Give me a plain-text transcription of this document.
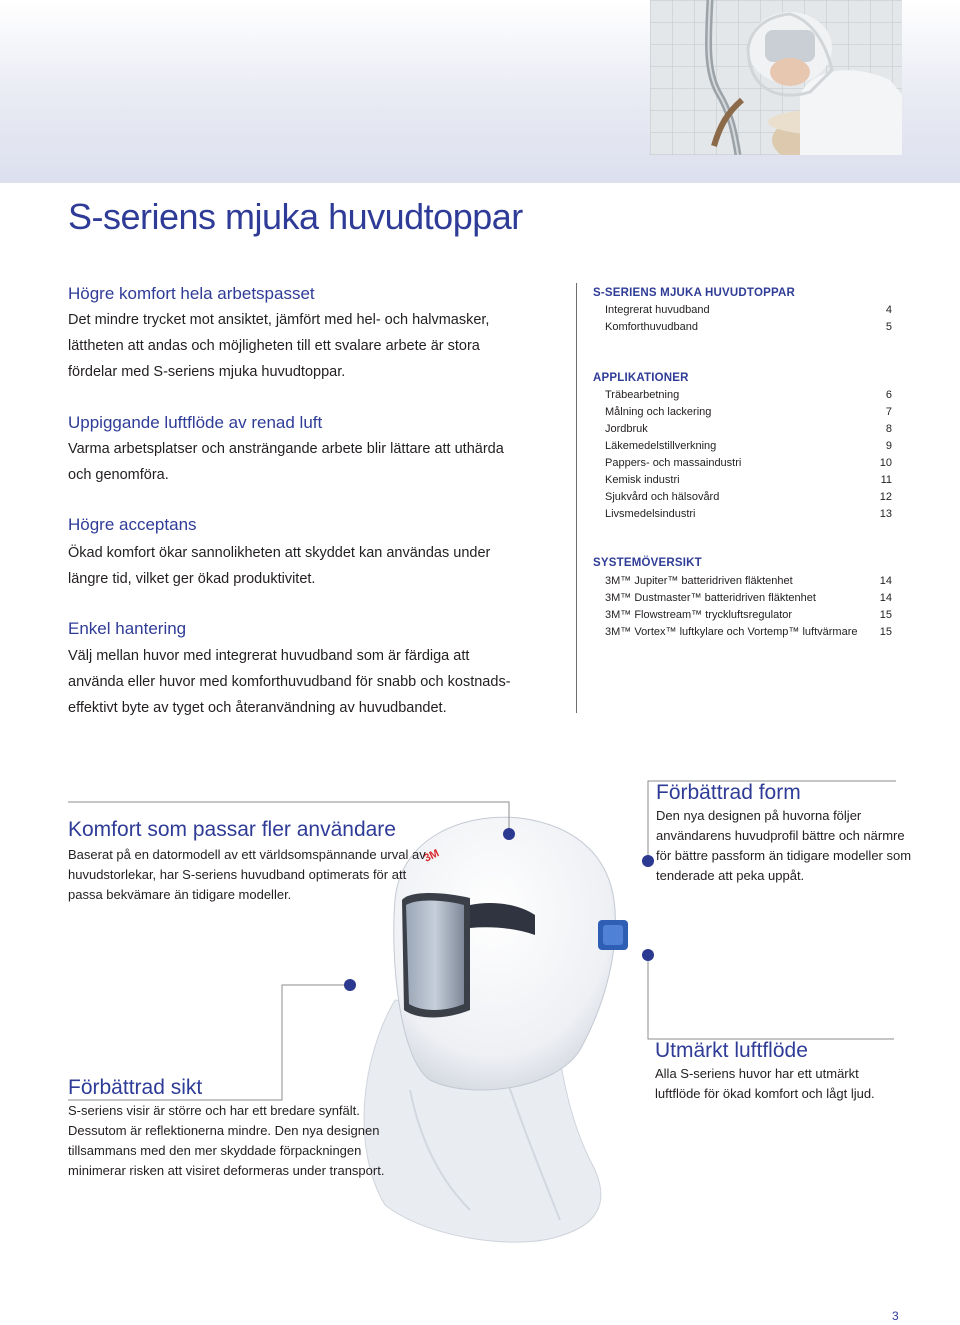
S-seriens mjuka huvudtoppar
Högre komfort hela arbetspasset
Det mindre trycket mot ansiktet, jämfört med hel- och halvmasker,
lättheten att andas och möjligheten till ett svalare arbete är stora
fördelar med S-seriens mjuka huvudtoppar.
Uppiggande luftflöde av renad luft
Varma arbetsplatser och ansträngande arbete blir lättare att uthärda
och genomföra.
Högre acceptans
Ökad komfort ökar sannolikheten att skyddet kan användas under
längre tid, vilket ger ökad produktivitet.
Enkel hantering
Välj mellan huvor med integrerat huvudband som är färdiga att
använda eller huvor med komforthuvudband för snabb och kostnads-
effektivt byte av tyget och återanvändning av huvudbandet.
S-SERIENS MJUKA HUVUDTOPPAR
Integrerat huvudband	4
Komforthuvudband	5
APPLIKATIONER
Träbearbetning	6
Målning och lackering	7
Jordbruk	8
Läkemedelstillverkning	9
Pappers- och massaindustri	10
Kemisk industri	11
Sjukvård och hälsovård	12
Livsmedelsindustri	13
SYSTEMÖVERSIKT
3M™ Jupiter™ batteridriven fläktenhet	14
3M™ Dustmaster™ batteridriven fläktenhet	14
3M™ Flowstream™ tryckluftsregulator	15
3M™ Vortex™ luftkylare och Vortemp™ luftvärmare 15
3M
Komfort som passar fler användare
Baserat på en datormodell av ett världsomspännande urval av
huvudstorlekar, har S-seriens huvudband optimerats för att
passa bekvämare än tidigare modeller.
Förbättrad form
Den nya designen på huvorna följer
användarens huvudprofil bättre och närmre
för bättre passform än tidigare modeller som
tenderade att peka uppåt.
Förbättrad sikt
S-seriens visir är större och har ett bredare synfält.
Dessutom är reflektionerna mindre. Den nya designen
tillsammans med den mer skyddade förpackningen
minimerar risken att visiret deformeras under transport.
Utmärkt luftflöde
Alla S-seriens huvor har ett utmärkt
luftflöde för ökad komfort och lågt ljud.
3
